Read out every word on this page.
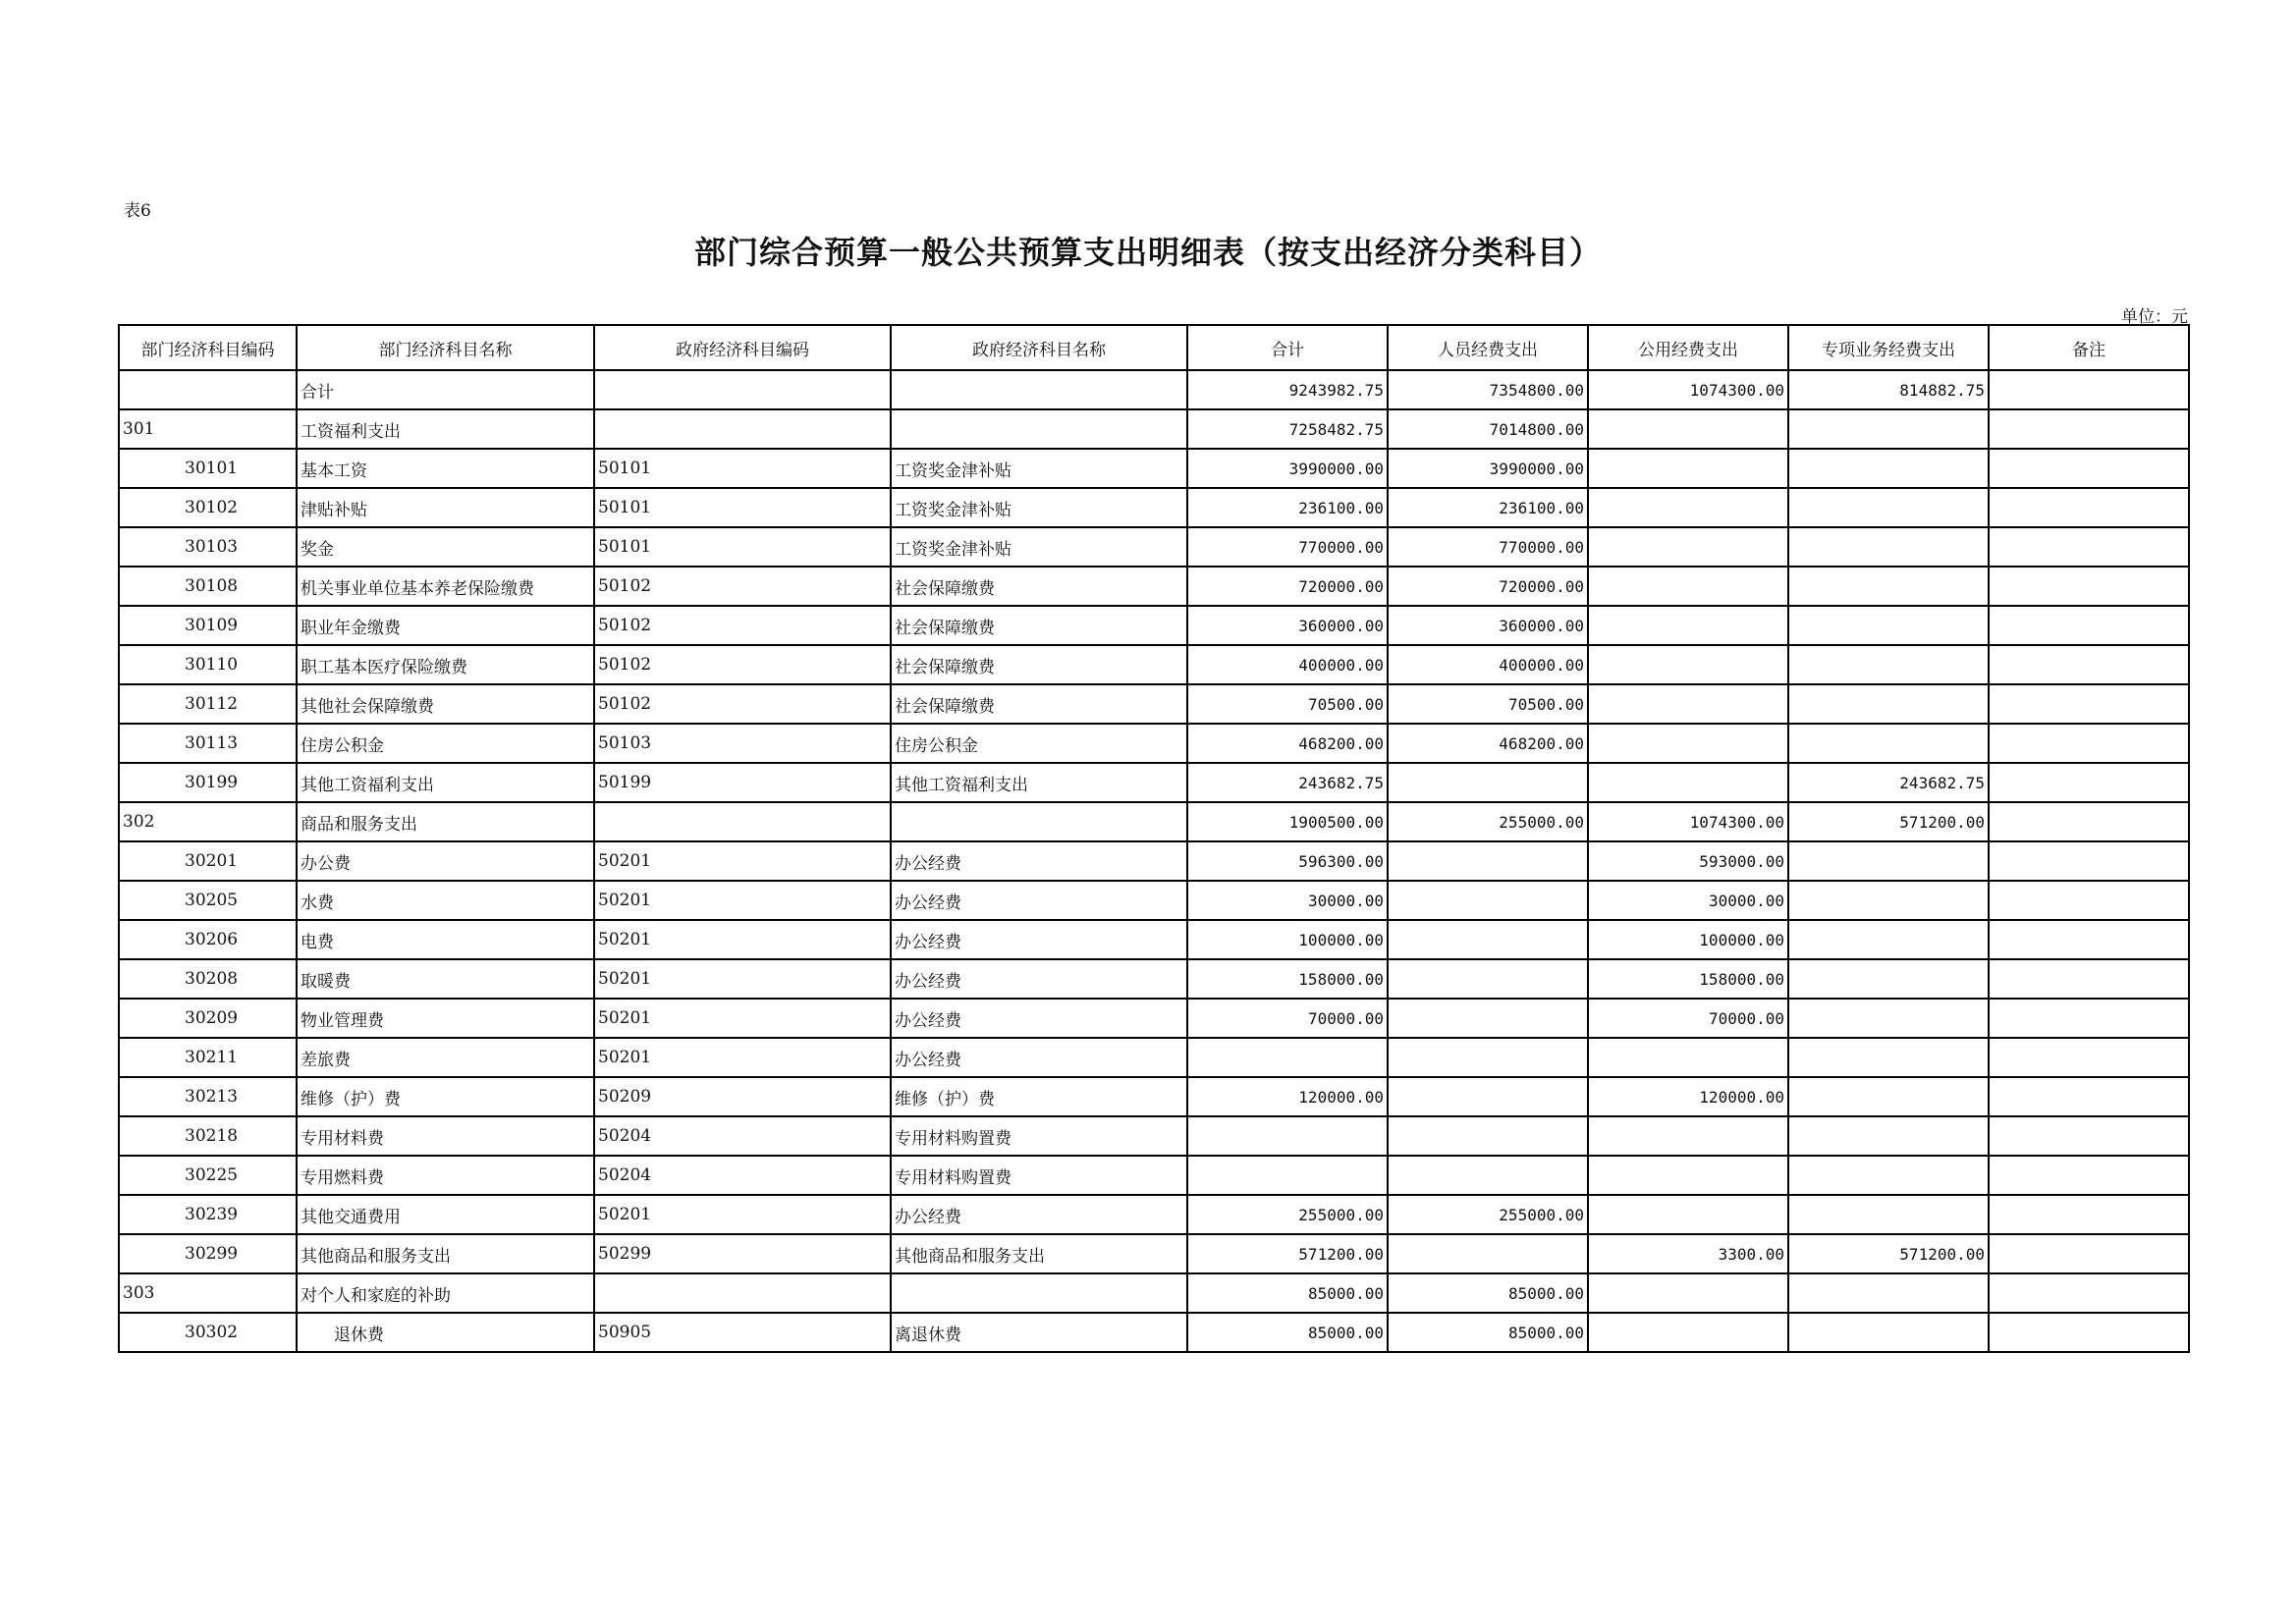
表6
部门综合预算一般公共预算支出明细表（按支出经济分类科目）
单位：元
部门经济科目编码	部门经济科目名称	政府经济科目编码	政府经济科目名称	合计	人员经费支出	公用经费支出	专项业务经费支出	备注
	合计			9243982.75	7354800.00	1074300.00	814882.75	
301	工资福利支出			7258482.75	7014800.00			
30101	基本工资	50101	工资奖金津补贴	3990000.00	3990000.00			
30102	津贴补贴	50101	工资奖金津补贴	236100.00	236100.00			
30103	奖金	50101	工资奖金津补贴	770000.00	770000.00			
30108	机关事业单位基本养老保险缴费	50102	社会保障缴费	720000.00	720000.00			
30109	职业年金缴费	50102	社会保障缴费	360000.00	360000.00			
30110	职工基本医疗保险缴费	50102	社会保障缴费	400000.00	400000.00			
30112	其他社会保障缴费	50102	社会保障缴费	70500.00	70500.00			
30113	住房公积金	50103	住房公积金	468200.00	468200.00			
30199	其他工资福利支出	50199	其他工资福利支出	243682.75			243682.75	
302	商品和服务支出			1900500.00	255000.00	1074300.00	571200.00	
30201	办公费	50201	办公经费	596300.00		593000.00		
30205	水费	50201	办公经费	30000.00		30000.00		
30206	电费	50201	办公经费	100000.00		100000.00		
30208	取暖费	50201	办公经费	158000.00		158000.00		
30209	物业管理费	50201	办公经费	70000.00		70000.00		
30211	差旅费	50201	办公经费					
30213	维修（护）费	50209	维修（护）费	120000.00		120000.00		
30218	专用材料费	50204	专用材料购置费					
30225	专用燃料费	50204	专用材料购置费					
30239	其他交通费用	50201	办公经费	255000.00	255000.00			
30299	其他商品和服务支出	50299	其他商品和服务支出	571200.00		3300.00	571200.00	
303	对个人和家庭的补助			85000.00	85000.00			
30302	退休费	50905	离退休费	85000.00	85000.00			
